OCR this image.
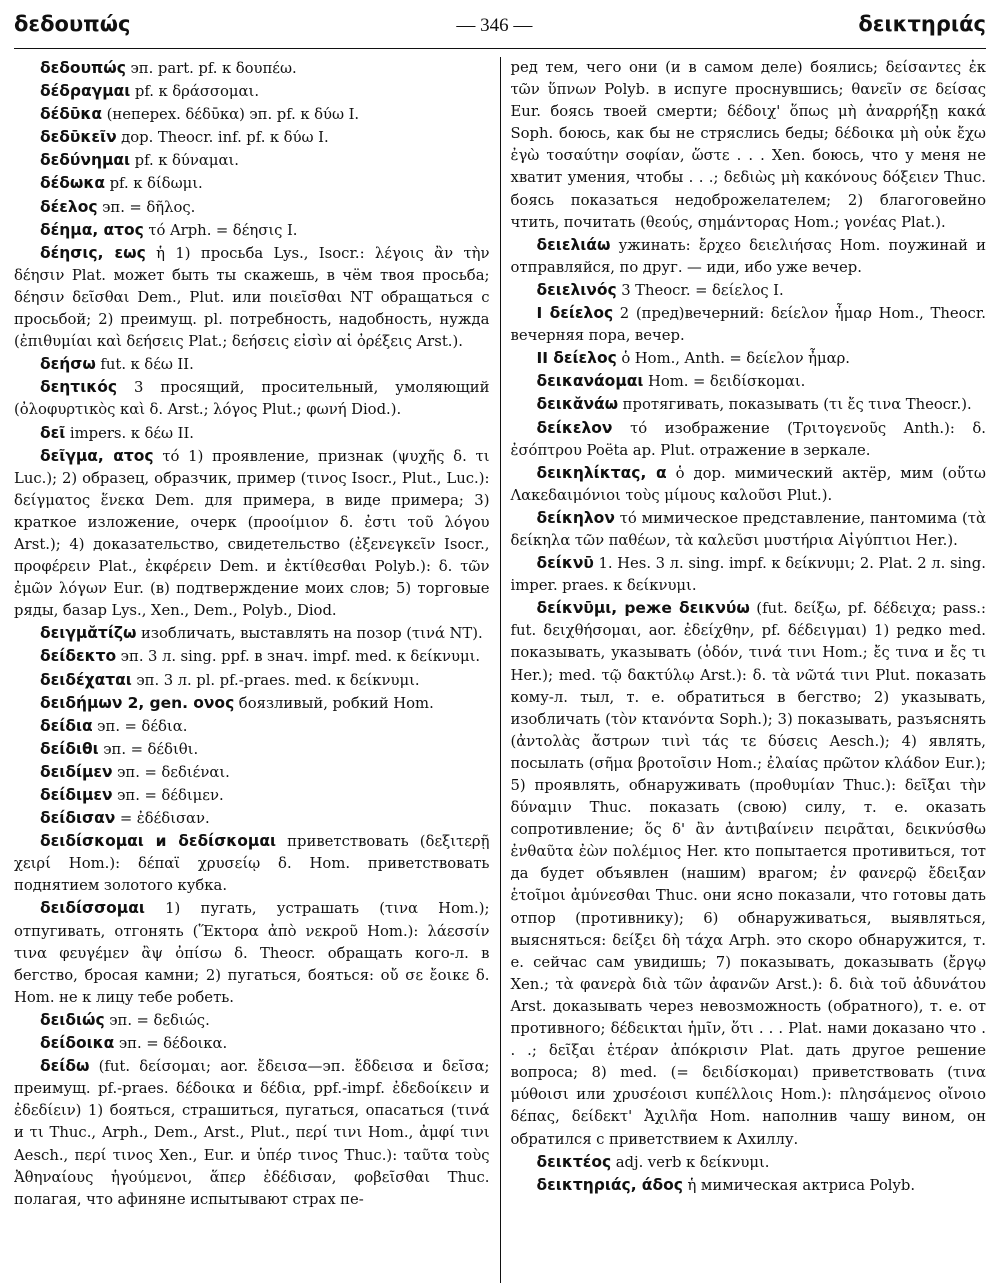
δεδουπώς	— 346 —	δεικτηριάς

δεδουπώς эп. part. pf. к δουπέω.

δέδραγμαι pf. к δράσσομαι.

δέδῡκα (неперех. δέδῡκα) эп. pf. к δύω I.

δεδῡκεῖν дор. Theocr. inf. pf. к δύω I.

δεδύνημαι pf. к δύναμαι.

δέδωκα pf. к δίδωμι.

δέελος эп. = δῆλος.

δέημα, ατος τό Arph. = δέησις I.

δέησις, εως ἡ 1) просьба Lys., Isocr.: λέγοις ἂν τὴν δέησιν Plat. может быть ты скажешь, в чём твоя просьба; δέησιν δεῖσθαι Dem., Plut. или ποιεῖσθαι NT обращаться с просьбой; 2) преимущ. pl. потребность, надобность, нужда (ἐπιθυμίαι καὶ δεήσεις Plat.; δεήσεις εἰσὶν αἱ ὀρέξεις Arst.).

δεήσω fut. к δέω II.

δεητικός 3 просящий, просительный, умоляющий (ὀλοφυρτικὸς καὶ δ. Arst.; λόγος Plut.; φωνή Diod.).

δεῖ impers. к δέω II.

δεῖγμα, ατος τό 1) проявление, признак (ψυχῆς δ. τι Luc.); 2) образец, образчик, пример (τινος Isocr., Plut., Luc.): δείγματος ἕνεκα Dem. для примера, в виде примера; 3) краткое изложение, очерк (προοίμιον δ. ἐστι τοῦ λόγου Arst.); 4) доказательство, свидетельство (ἐξενεγκεῖν Isocr., προφέρειν Plat., ἐκφέρειν Dem. и ἐκτίθεσθαι Polyb.): δ. τῶν ἐμῶν λόγων Eur. (в) подтверждение моих слов; 5) торговые ряды, базар Lys., Xen., Dem., Polyb., Diod.

δειγμᾰτίζω изобличать, выставлять на позор (τινά NT).

δείδεκτο эп. 3 л. sing. ppf. в знач. impf. med. к δείκνυμι.

δειδέχαται эп. 3 л. pl. pf.-praes. med. к δείκνυμι.

δειδήμων 2, gen. ονος боязливый, робкий Hom.

δείδια эп. = δέδια.

δείδιθι эп. = δέδιθι.

δειδίμεν эп. = δεδιέναι.

δείδιμεν эп. = δέδιμεν.

δείδισαν = ἐδέδισαν.

δειδίσκομαι и δεδίσκομαι приветствовать (δεξιτερῇ χειρί Hom.): δέπαϊ χρυσείῳ δ. Hom. приветствовать поднятием золотого кубка.

δειδίσσομαι 1) пугать, устрашать (τινα Hom.); отпугивать, отгонять (Ἕκτορα ἀπὸ νεκροῦ Hom.): λάεσσίν τινα φευγέμεν ἂψ ὀπίσω δ. Theocr. обращать кого-л. в бегство, бросая камни; 2) пугаться, бояться: οὔ σε ἔοικε δ. Hom. не к лицу тебе робеть.

δειδιώς эп. = δεδιώς.

δείδοικα эп. = δέδοικα.

δείδω (fut. δείσομαι; aor. ἔδεισα—эп. ἔδδεισα и δεῖσα; преимущ. pf.-praes. δέδοικα и δέδια, ppf.-impf. ἐδεδοίκειν и ἐδεδίειν) 1) бояться, страшиться, пугаться, опасаться (τινά и τι Thuc., Arph., Dem., Arst., Plut., περί τινι Hom., ἀμφί τινι Aesch., περί τινος Xen., Eur. и ὑπέρ τινος Thuc.): ταῦτα τοὺς Ἀθηναίους ἡγούμενοι, ἅπερ ἐδέδισαν, φοβεῖσθαι Thuc. полагая, что афиняне испытывают страх пе-

ред тем, чего они (и в самом деле) боялись; δείσαντες ἐκ τῶν ὕπνων Polyb. в испуге проснувшись; θανεῖν σε δείσας Eur. боясь твоей смерти; δέδοιχ' ὅπως μὴ ἀναρρήξῃ κακά Soph. боюсь, как бы не стряслись беды; δέδοικα μὴ οὐκ ἔχω ἐγὼ τοσαύτην σοφίαν, ὥστε . . . Xen. боюсь, что у меня не хватит умения, чтобы . . .; δεδιὼς μὴ κακόνους δόξειεν Thuc. боясь показаться недоброжелателем; 2) благоговейно чтить, почитать (θεούς, σημάντορας Hom.; γονέας Plat.).

δειελιάω ужинать: ἔρχεο δειελιήσας Hom. поужинай и отправляйся, по друг. — иди, ибо уже вечер.

δειελινός 3 Theocr. = δείελος I.

I δείελος 2 (пред)вечерний: δείελον ἦμαρ Hom., Theocr. вечерняя пора, вечер.

II δείελος ὁ Hom., Anth. = δείελον ἦμαρ.

δεικανάομαι Hom. = δειδίσκομαι.

δεικᾰνάω протягивать, показывать (τι ἔς τινα Theocr.).

δείκελον τό изображение (Τριτογενοῦς Anth.): δ. ἐσόπτρου Poëta ap. Plut. отражение в зеркале.

δεικηλίκτας, α ὁ дор. мимический актёр, мим (οὕτω Λακεδαιμόνιοι τοὺς μίμους καλοῦσι Plut.).

δείκηλον τό мимическое представление, пантомима (τὰ δείκηλα τῶν παθέων, τὰ καλεῦσι μυστήρια Αἰγύπτιοι Her.).

δείκνῡ 1. Hes. 3 л. sing. impf. к δείκνυμι; 2. Plat. 2 л. sing. imper. praes. к δείκνυμι.

δείκνῡμι, реже δεικνύω (fut. δείξω, pf. δέδειχα; pass.: fut. δειχθήσομαι, aor. ἐδείχθην, pf. δέδειγμαι) 1) редко med. показывать, указывать (ὁδόν, τινά τινι Hom.; ἔς τινα и ἔς τι Her.); med. τῷ δακτύλῳ Arst.): δ. τὰ νῶτά τινι Plut. показать кому-л. тыл, т. е. обратиться в бегство; 2) указывать, изобличать (τὸν κτανόντα Soph.); 3) показывать, разъяснять (ἀντολὰς ἄστρων τινὶ τάς τε δύσεις Aesch.); 4) являть, посылать (σῆμα βροτοῖσιν Hom.; ἐλαίας πρῶτον κλάδον Eur.); 5) проявлять, обнаруживать (προθυμίαν Thuc.): δεῖξαι τὴν δύναμιν Thuc. показать (свою) силу, т. е. оказать сопротивление; ὅς δ' ἂν ἀντιβαίνειν πειρᾶται, δεικνύσθω ἐνθαῦτα ἐὼν πολέμιος Her. кто попытается противиться, тот да будет объявлен (нашим) врагом; ἐν φανερῷ ἔδειξαν ἑτοῖμοι ἀμύνεσθαι Thuc. они ясно показали, что готовы дать отпор (противнику); 6) обнаруживаться, выявляться, выясняться: δείξει δὴ τάχα Arph. это скоро обнаружится, т. е. сейчас сам увидишь; 7) показывать, доказывать (ἔργῳ Xen.; τὰ φανερὰ διὰ τῶν ἀφανῶν Arst.): δ. διὰ τοῦ ἀδυνάτου Arst. доказывать через невозможность (обратного), т. е. от противного; δέδεικται ἡμῖν, ὅτι . . . Plat. нами доказано что . . .; δεῖξαι ἑτέραν ἀπόκρισιν Plat. дать другое решение вопроса; 8) med. (= δειδίσκομαι) приветствовать (τινα μύθοισι или χρυσέοισι κυπέλλοις Hom.): πλησάμενος οἴνοιο δέπας, δείδεκτ' Ἀχιλῆα Hom. наполнив чашу вином, он обратился с приветствием к Ахиллу.

δεικτέος adj. verb к δείκνυμι.

δεικτηριάς, άδος ἡ мимическая актриса Polyb.
